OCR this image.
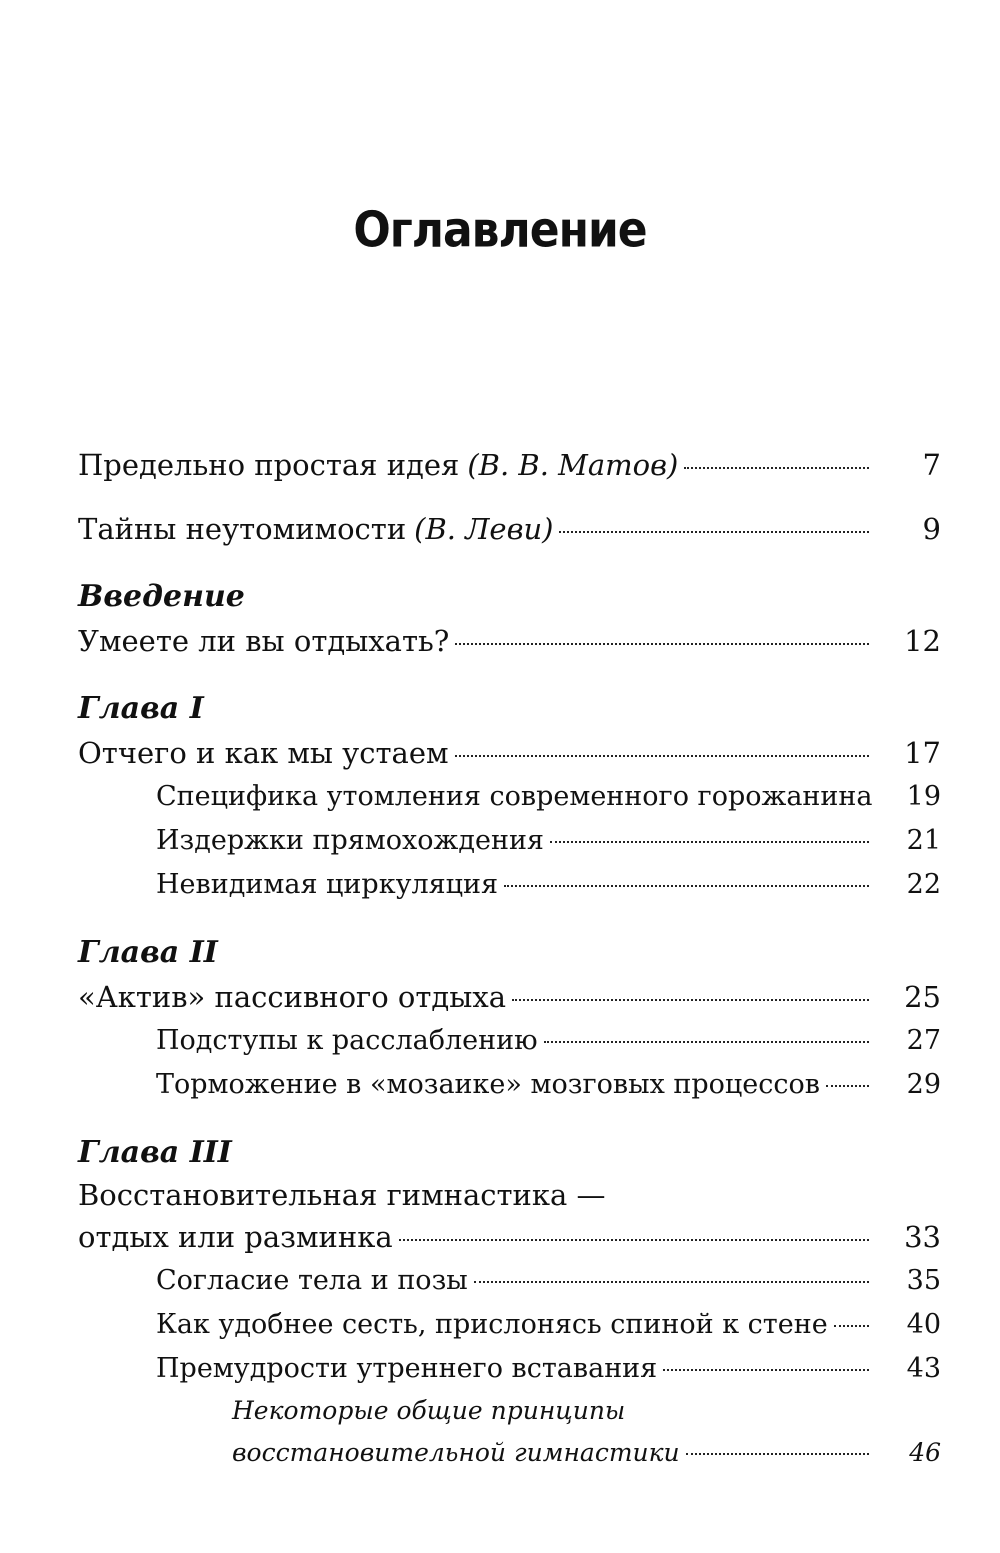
Оглавление
Предельно простая идея (В. В. Матов)	7
Тайны неутомимости (В. Леви)	9
Введение
Умеете ли вы отдыхать?	12
Глава I
Отчего и как мы устаем	17
Специфика утомления современного горожанина 19
Издержки прямохождения	21
Невидимая циркуляция	22
Глава II
«Актив» пассивного отдыха	25
Подступы к расслаблению	27
Торможение в «мозаике» мозговых процессов	29
Глава III
Восстановительная гимнастика —
отдых или разминка	33
Согласие тела и позы	35
Как удобнее сесть, прислонясь спиной к стене	40
Премудрости утреннего вставания	43
Некоторые общие принципы
восстановительной гимнастики	46
